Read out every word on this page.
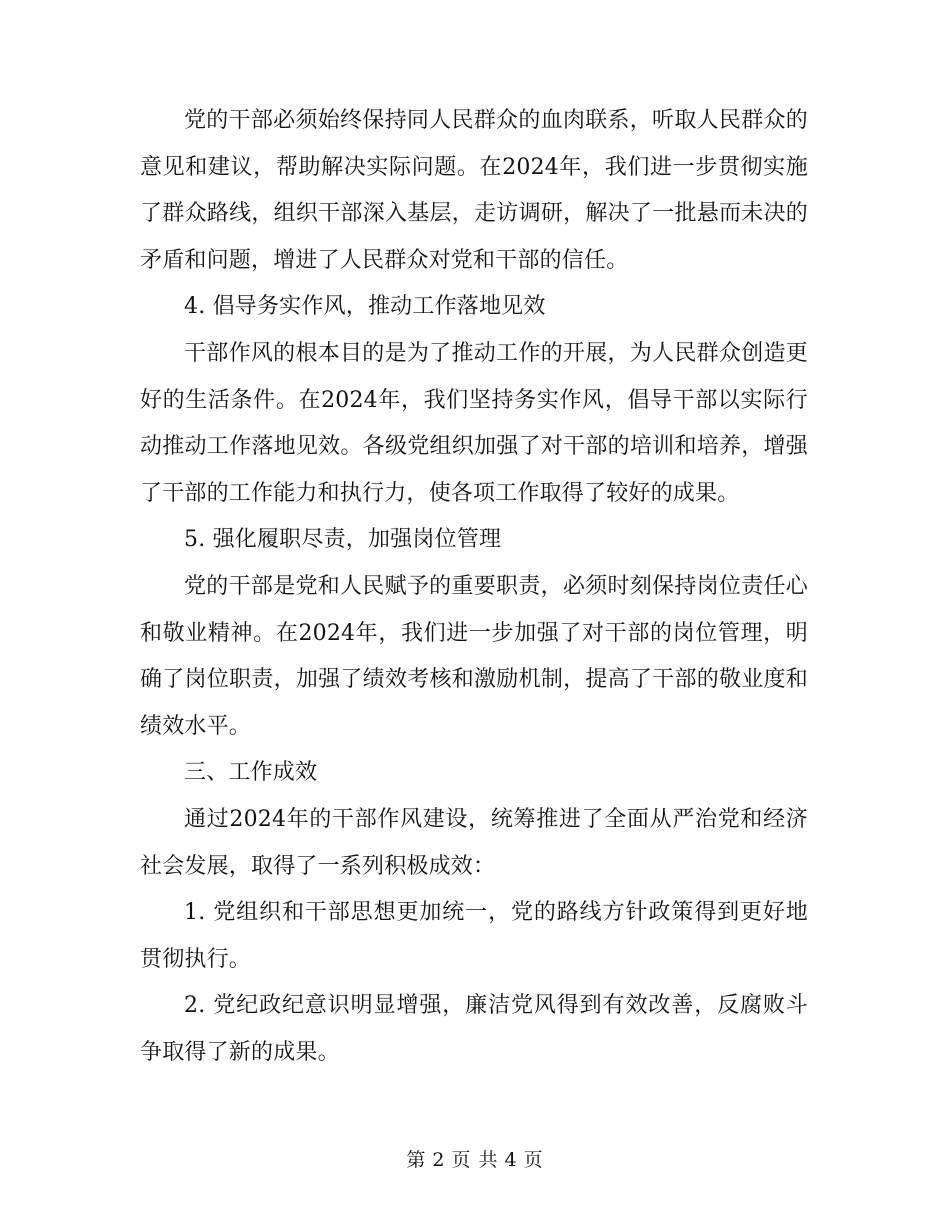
党的干部必须始终保持同人民群众的血肉联系，听取人民群众的意见和建议，帮助解决实际问题。在2024年，我们进一步贯彻实施了群众路线，组织干部深入基层，走访调研，解决了一批悬而未决的矛盾和问题，增进了人民群众对党和干部的信任。

4. 倡导务实作风，推动工作落地见效

干部作风的根本目的是为了推动工作的开展，为人民群众创造更好的生活条件。在2024年，我们坚持务实作风，倡导干部以实际行动推动工作落地见效。各级党组织加强了对干部的培训和培养，增强了干部的工作能力和执行力，使各项工作取得了较好的成果。

5. 强化履职尽责，加强岗位管理

党的干部是党和人民赋予的重要职责，必须时刻保持岗位责任心和敬业精神。在2024年，我们进一步加强了对干部的岗位管理，明确了岗位职责，加强了绩效考核和激励机制，提高了干部的敬业度和绩效水平。

三、工作成效

通过2024年的干部作风建设，统筹推进了全面从严治党和经济社会发展，取得了一系列积极成效：

1. 党组织和干部思想更加统一，党的路线方针政策得到更好地贯彻执行。

2. 党纪政纪意识明显增强，廉洁党风得到有效改善，反腐败斗争取得了新的成果。

第 2 页 共 4 页
